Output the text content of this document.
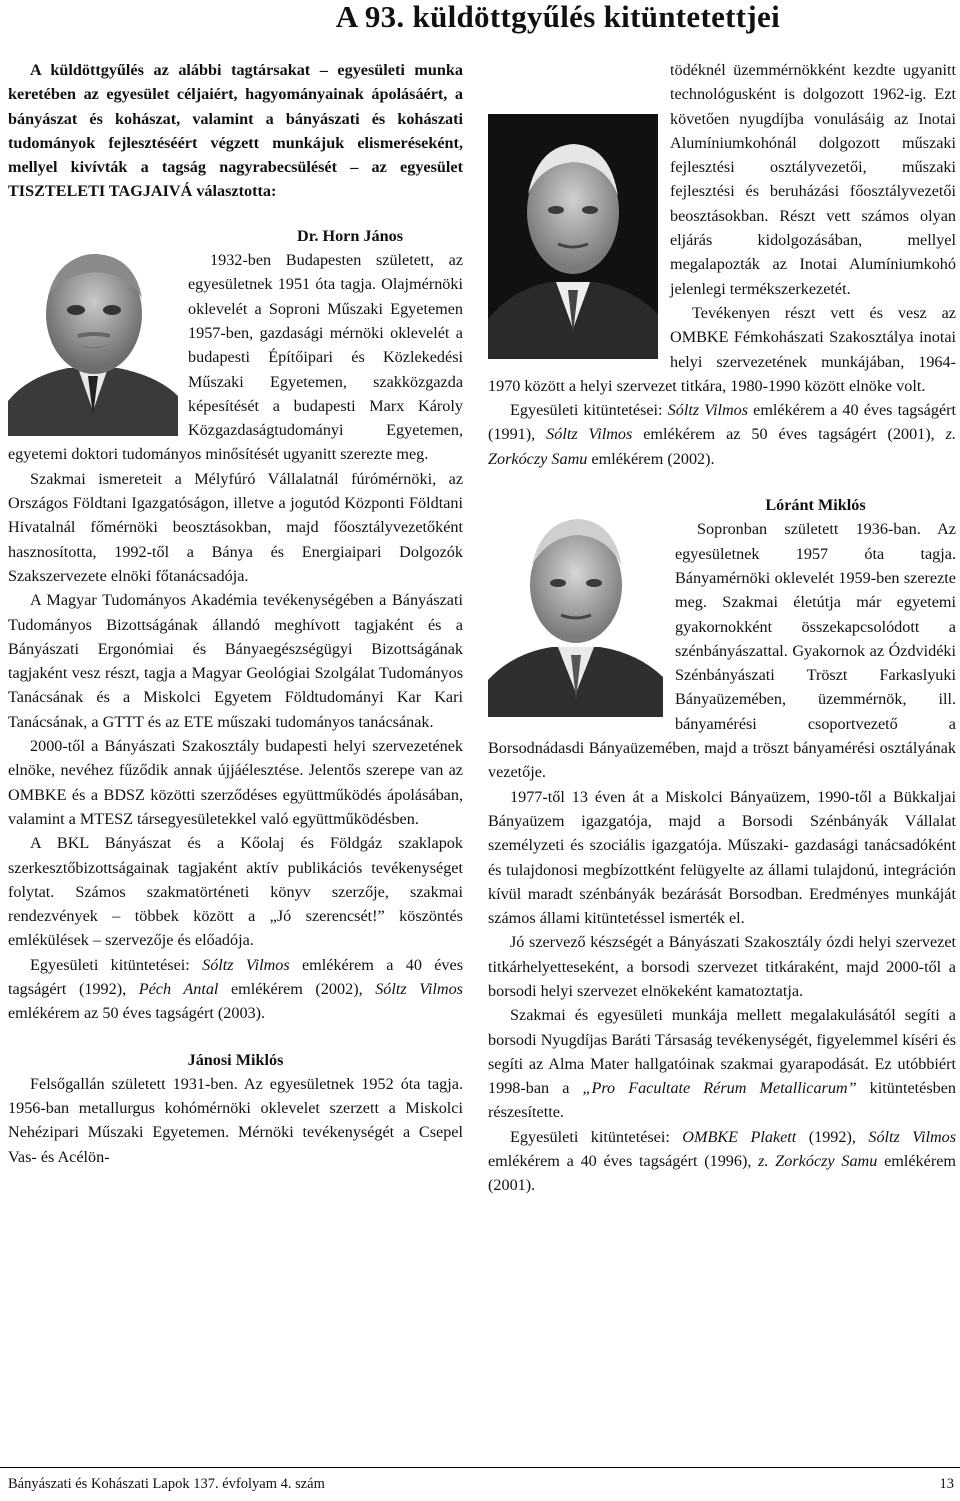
A 93. küldöttgyűlés kitüntetettjei

A küldöttgyűlés az alábbi tagtársakat – egyesületi munka keretében az egyesület céljaiért, hagyományainak ápolásáért, a bányászat és kohászat, valamint a bányászati és kohászati tudományok fejlesztéséért végzett munkájuk elismeréseként, mellyel kivívták a tagság nagyrabecsülését – az egyesület TISZTELETI TAGJAIVÁ választotta:

Dr. Horn János

1932-ben Budapesten született, az egyesületnek 1951 óta tagja. Olajmérnöki oklevelét a Soproni Műszaki Egyetemen 1957-ben, gazdasági mérnöki oklevelét a budapesti Építőipari és Közlekedési Műszaki Egyetemen, szakközgazda képesítését a budapesti Marx Károly Közgazdaságtudományi Egyetemen, egyetemi doktori tudományos minősítését ugyanitt szerezte meg.

Szakmai ismereteit a Mélyfúró Vállalatnál fúrómérnöki, az Országos Földtani Igazgatóságon, illetve a jogutód Központi Földtani Hivatalnál főmérnöki beosztásokban, majd főosztályvezetőként hasznosította, 1992-től a Bánya és Energiaipari Dolgozók Szakszervezete elnöki főtanácsadója.

A Magyar Tudományos Akadémia tevékenységében a Bányászati Tudományos Bizottságának állandó meghívott tagjaként és a Bányászati Ergonómiai és Bányaegészségügyi Bizottságának tagjaként vesz részt, tagja a Magyar Geológiai Szolgálat Tudományos Tanácsának és a Miskolci Egyetem Földtudományi Kar Kari Tanácsának, a GTTT és az ETE műszaki tudományos tanácsának.

2000-től a Bányászati Szakosztály budapesti helyi szervezetének elnöke, nevéhez fűződik annak újjáélesztése. Jelentős szerepe van az OMBKE és a BDSZ közötti szerződéses együttműködés ápolásában, valamint a MTESZ társegyesületekkel való együttműködésben.

A BKL Bányászat és a Kőolaj és Földgáz szaklapok szerkesztőbizottságainak tagjaként aktív publikációs tevékenységet folytat. Számos szakmatörténeti könyv szerzője, szakmai rendezvények – többek között a „Jó szerencsét!” köszöntés emlékülések – szervezője és előadója.

Egyesületi kitüntetései: Sóltz Vilmos emlékérem a 40 éves tagságért (1992), Péch Antal emlékérem (2002), Sóltz Vilmos emlékérem az 50 éves tagságért (2003).

Jánosi Miklós

Felsőgallán született 1931-ben. Az egyesületnek 1952 óta tagja. 1956-ban metallurgus kohómérnöki oklevelet szerzett a Miskolci Nehézipari Műszaki Egyetemen. Mérnöki tevékenységét a Csepel Vas- és Acélön-

tödéknél üzemmérnökként kezdte ugyanitt technológusként is dolgozott 1962-ig. Ezt követően nyugdíjba vonulásáig az Inotai Alumíniumkohónál dolgozott műszaki fejlesztési osztályvezetői, műszaki fejlesztési és beruházási főosztályvezetői beosztásokban. Részt vett számos olyan eljárás kidolgozásában, mellyel megalapozták az Inotai Alumíniumkohó jelenlegi termékszerkezetét.

Tevékenyen részt vett és vesz az OMBKE Fémkohászati Szakosztálya inotai helyi szervezetének munkájában, 1964-1970 között a helyi szervezet titkára, 1980-1990 között elnöke volt.

Egyesületi kitüntetései: Sóltz Vilmos emlékérem a 40 éves tagságért (1991), Sóltz Vilmos emlékérem az 50 éves tagságért (2001), z. Zorkóczy Samu emlékérem (2002).

Lóránt Miklós

Sopronban született 1936-ban. Az egyesületnek 1957 óta tagja. Bányamérnöki oklevelét 1959-ben szerezte meg. Szakmai életútja már egyetemi gyakornokként összekapcsolódott a szénbányászattal. Gyakornok az Ózdvidéki Szénbányászati Tröszt Farkaslyuki Bányaüzemében, üzemmérnök, ill. bányamérési csoportvezető a Borsodnádasdi Bányaüzemében, majd a tröszt bányamérési osztályának vezetője.

1977-től 13 éven át a Miskolci Bányaüzem, 1990-től a Bükkaljai Bányaüzem igazgatója, majd a Borsodi Szénbányák Vállalat személyzeti és szociális igazgatója. Műszaki- gazdasági tanácsadóként és tulajdonosi megbízottként felügyelte az állami tulajdonú, integráción kívül maradt szénbányák bezárását Borsodban. Eredményes munkáját számos állami kitüntetéssel ismerték el.

Jó szervező készségét a Bányászati Szakosztály ózdi helyi szervezet titkárhelyetteseként, a borsodi szervezet titkáraként, majd 2000-től a borsodi helyi szervezet elnökeként kamatoztatja.

Szakmai és egyesületi munkája mellett megalakulásától segíti a borsodi Nyugdíjas Baráti Társaság tevékenységét, figyelemmel kíséri és segíti az Alma Mater hallgatóinak szakmai gyarapodását. Ez utóbbiért 1998-ban a „Pro Facultate Rérum Metallicarum” kitüntetésben részesítette.

Egyesületi kitüntetései: OMBKE Plakett (1992), Sóltz Vilmos emlékérem a 40 éves tagságért (1996), z. Zorkóczy Samu emlékérem (2001).

Bányászati és Kohászati Lapok 137. évfolyam 4. szám	13
